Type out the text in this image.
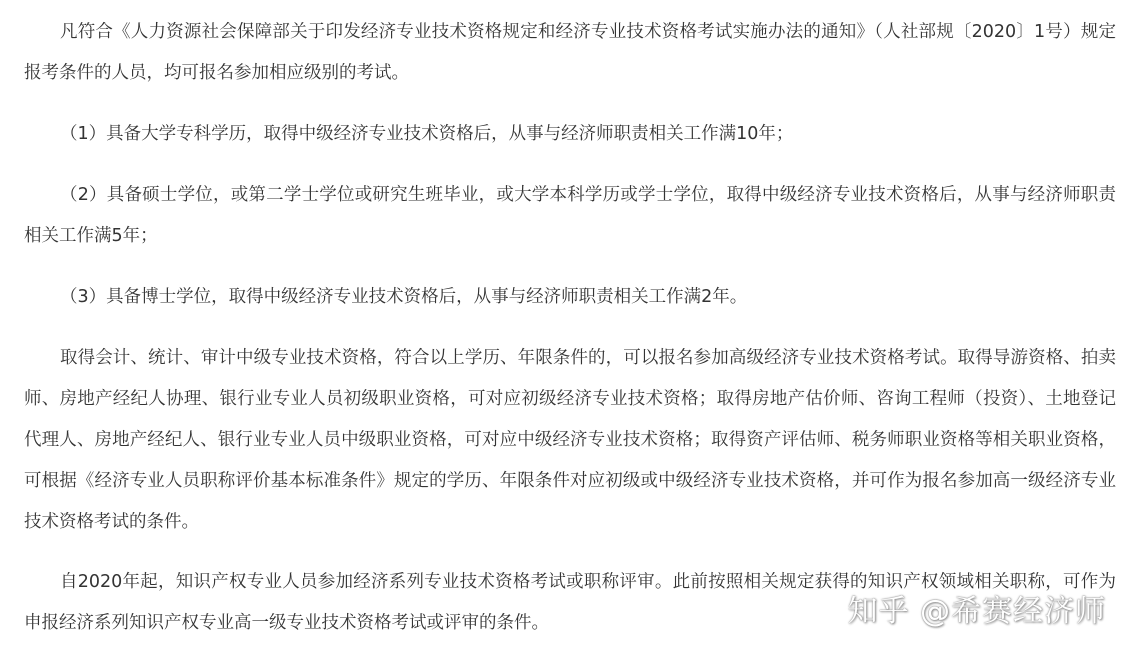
凡符合《人力资源社会保障部关于印发经济专业技术资格规定和经济专业技术资格考试实施办法的通知》（人社部规〔2020〕1号）规定报考条件的人员，均可报名参加相应级别的考试。

（1）具备大学专科学历，取得中级经济专业技术资格后，从事与经济师职责相关工作满10年；

（2）具备硕士学位，或第二学士学位或研究生班毕业，或大学本科学历或学士学位，取得中级经济专业技术资格后，从事与经济师职责相关工作满5年；

（3）具备博士学位，取得中级经济专业技术资格后，从事与经济师职责相关工作满2年。

取得会计、统计、审计中级专业技术资格，符合以上学历、年限条件的，可以报名参加高级经济专业技术资格考试。取得导游资格、拍卖师、房地产经纪人协理、银行业专业人员初级职业资格，可对应初级经济专业技术资格；取得房地产估价师、咨询工程师（投资）、土地登记代理人、房地产经纪人、银行业专业人员中级职业资格，可对应中级经济专业技术资格；取得资产评估师、税务师职业资格等相关职业资格，可根据《经济专业人员职称评价基本标准条件》规定的学历、年限条件对应初级或中级经济专业技术资格，并可作为报名参加高一级经济专业技术资格考试的条件。

自2020年起，知识产权专业人员参加经济系列专业技术资格考试或职称评审。此前按照相关规定获得的知识产权领域相关职称，可作为申报经济系列知识产权专业高一级专业技术资格考试或评审的条件。	知乎 @希赛经济师
